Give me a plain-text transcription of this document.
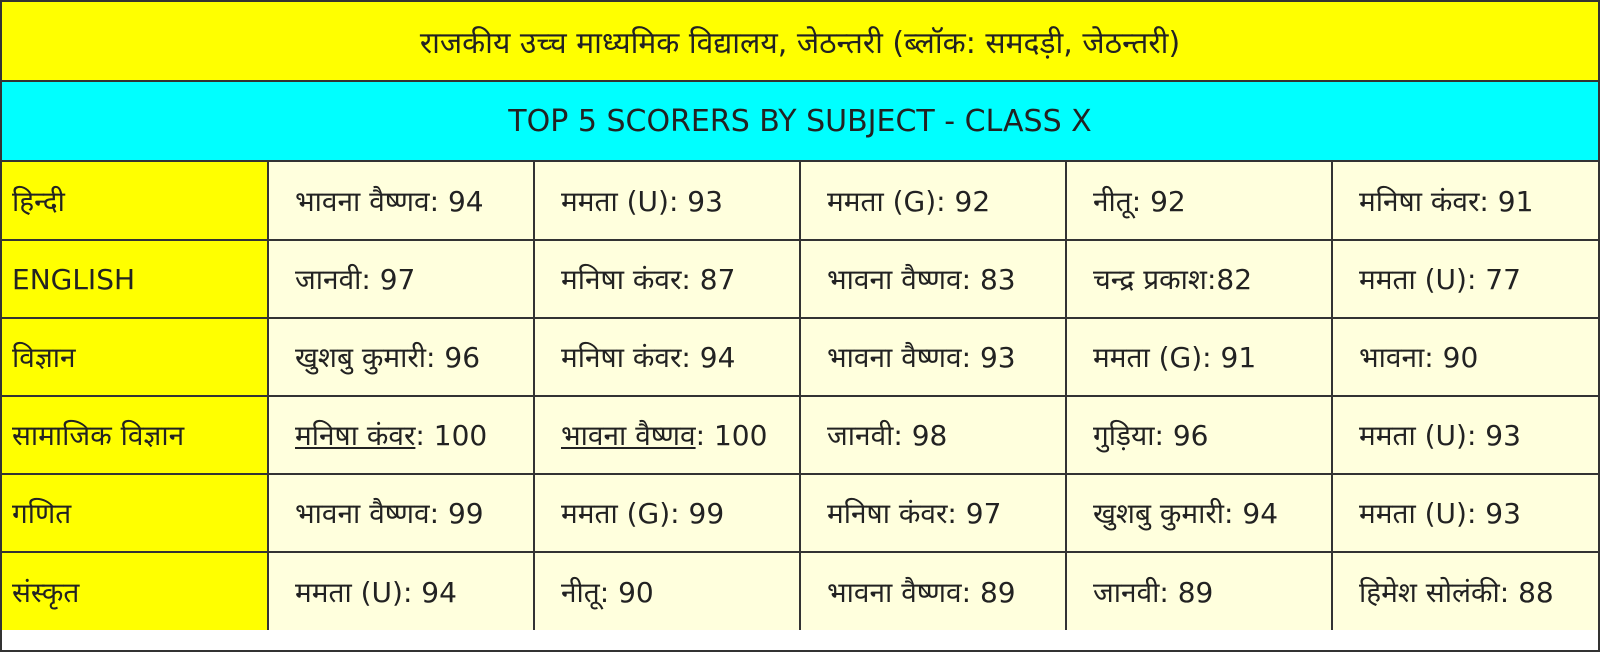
राजकीय उच्च माध्यमिक विद्यालय, जेठन्तरी (ब्लॉक: समदड़ी, जेठन्तरी)
TOP 5 SCORERS BY SUBJECT - CLASS X
हिन्दी	भावना वैष्णव: 94	ममता (U): 93	ममता (G): 92	नीतू: 92	मनिषा कंवर: 91
ENGLISH	जानवी: 97	मनिषा कंवर: 87	भावना वैष्णव: 83	चन्द्र प्रकाश:82	ममता (U): 77
विज्ञान	खुशबु कुमारी: 96	मनिषा कंवर: 94	भावना वैष्णव: 93	ममता (G): 91	भावना: 90
सामाजिक विज्ञान	मनिषा कंवर: 100	भावना वैष्णव: 100	जानवी: 98	गुड़िया: 96	ममता (U): 93
गणित	भावना वैष्णव: 99	ममता (G): 99	मनिषा कंवर: 97	खुशबु कुमारी: 94	ममता (U): 93
संस्कृत	ममता (U): 94	नीतू: 90	भावना वैष्णव: 89	जानवी: 89	हिमेश सोलंकी: 88
